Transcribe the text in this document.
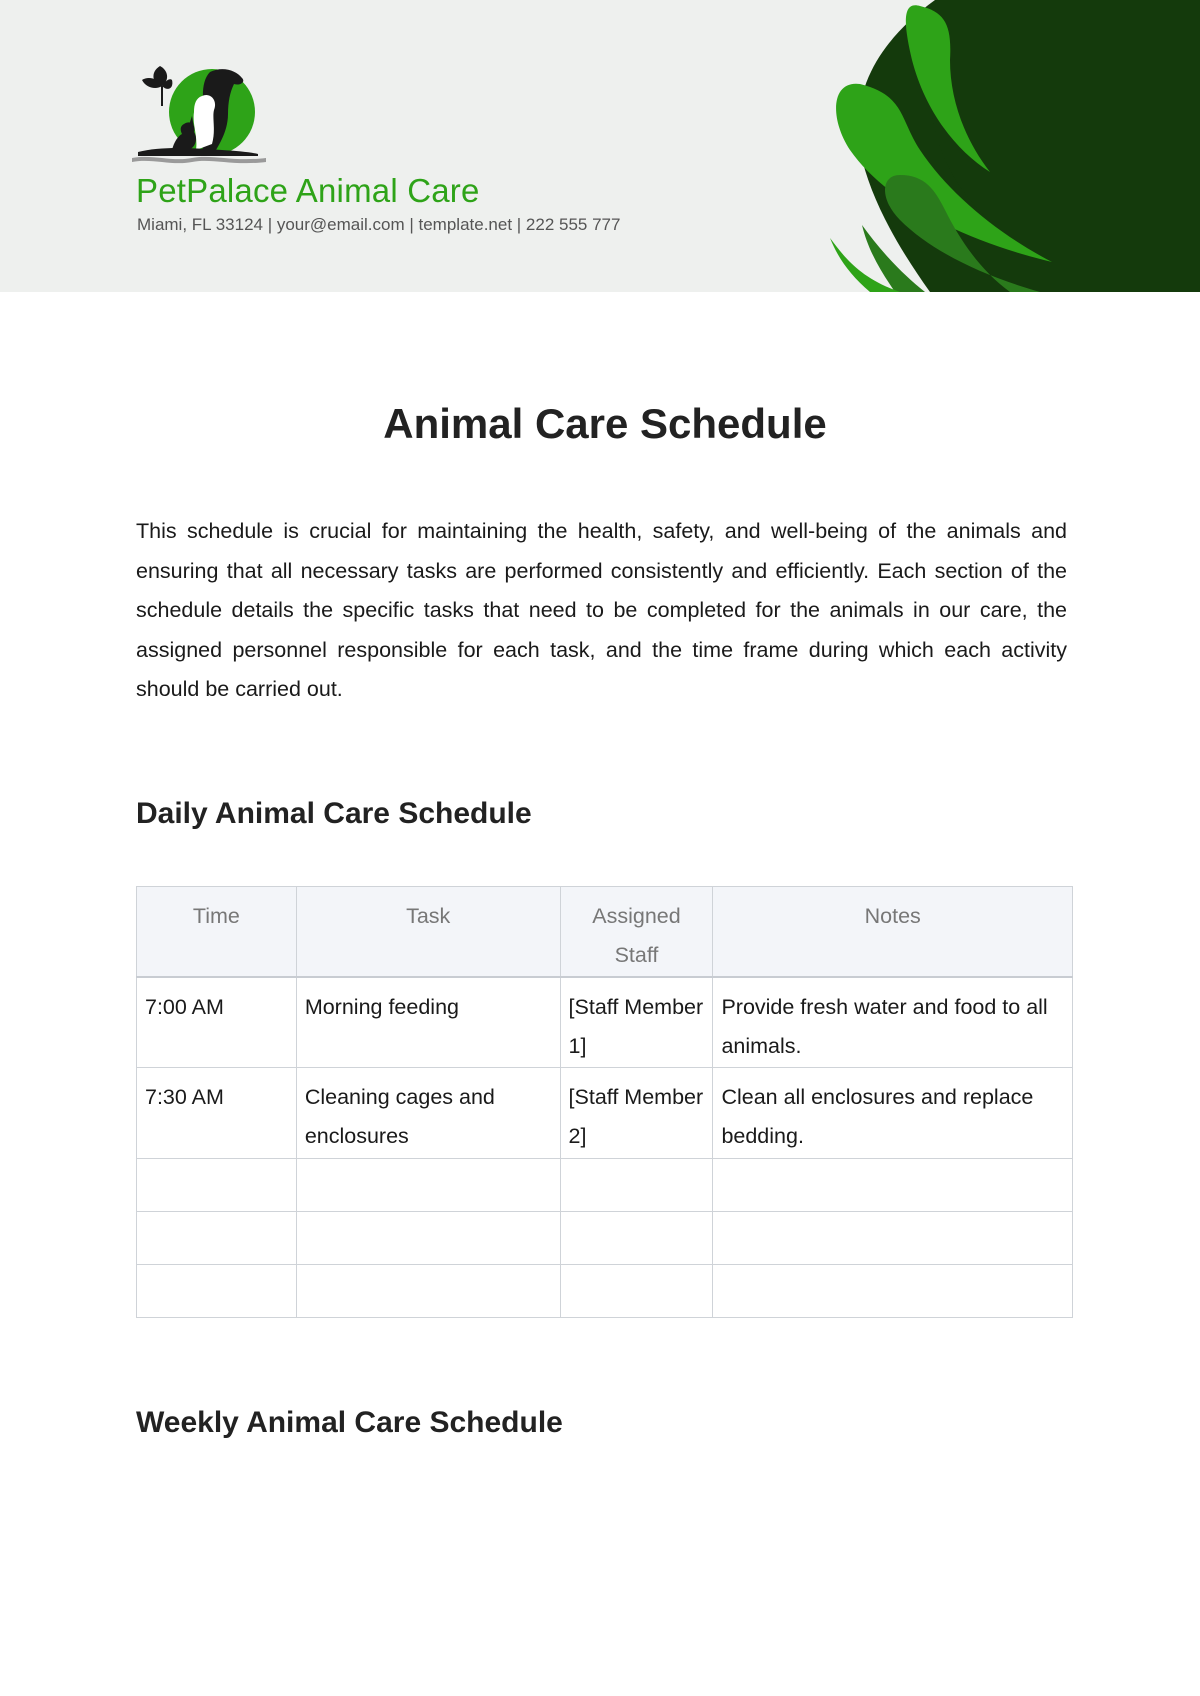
PetPalace Animal Care
Miami, FL 33124 | your@email.com | template.net | 222 555 777
Animal Care Schedule
This schedule is crucial for maintaining the health, safety, and well-being of the animals and ensuring that all necessary tasks are performed consistently and efficiently. Each section of the schedule details the specific tasks that need to be completed for the animals in our care, the assigned personnel responsible for each task, and the time frame during which each activity should be carried out.
Daily Animal Care Schedule
Time	Task	Assigned Staff	Notes
7:00 AM	Morning feeding	[Staff Member 1]	Provide fresh water and food to all animals.
7:30 AM	Cleaning cages and enclosures	[Staff Member 2]	Clean all enclosures and replace bedding.

Weekly Animal Care Schedule
